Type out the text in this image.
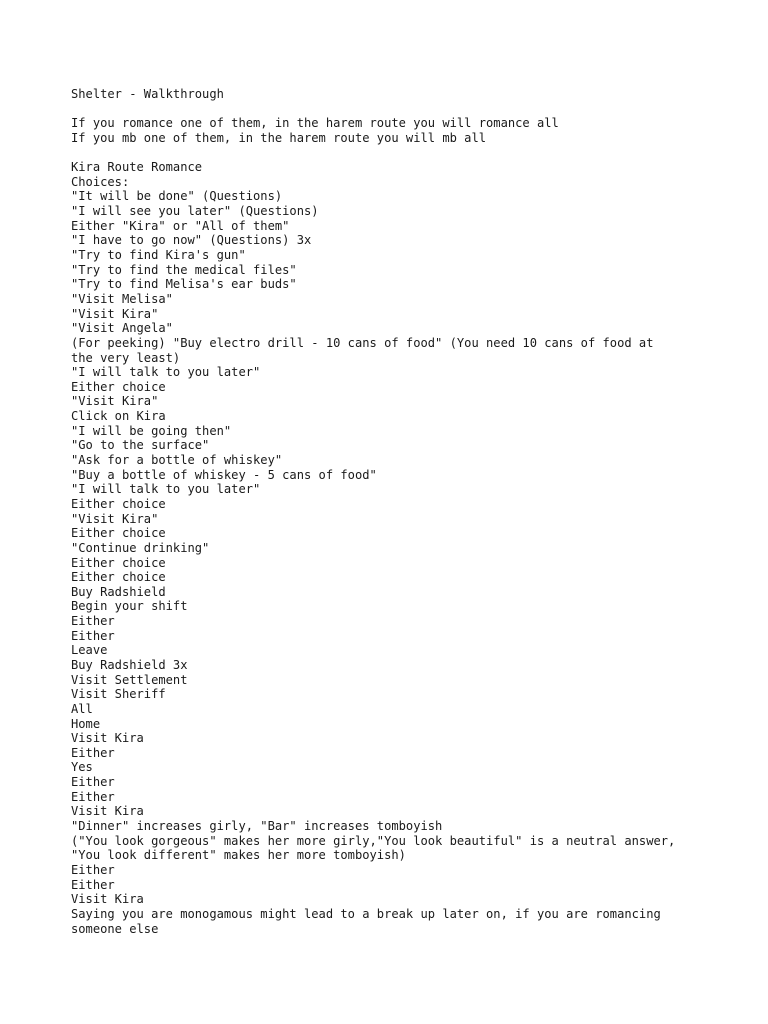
Shelter - Walkthrough
If you romance one of them, in the harem route you will romance all
If you mb one of them, in the harem route you will mb all
Kira Route Romance
Choices:
"It will be done" (Questions)
"I will see you later" (Questions)
Either "Kira" or "All of them"
"I have to go now" (Questions) 3x
"Try to find Kira's gun"
"Try to find the medical files"
"Try to find Melisa's ear buds"
"Visit Melisa"
"Visit Kira"
"Visit Angela"
(For peeking) "Buy electro drill - 10 cans of food" (You need 10 cans of food at
the very least)
"I will talk to you later"
Either choice
"Visit Kira"
Click on Kira
"I will be going then"
"Go to the surface"
"Ask for a bottle of whiskey"
"Buy a bottle of whiskey - 5 cans of food"
"I will talk to you later"
Either choice
"Visit Kira"
Either choice
"Continue drinking"
Either choice
Either choice
Buy Radshield
Begin your shift
Either
Either
Leave
Buy Radshield 3x
Visit Settlement
Visit Sheriff
All
Home
Visit Kira
Either
Yes
Either
Either
Visit Kira
"Dinner" increases girly, "Bar" increases tomboyish
("You look gorgeous" makes her more girly,"You look beautiful" is a neutral answer,
"You look different" makes her more tomboyish)
Either
Either
Visit Kira
Saying you are monogamous might lead to a break up later on, if you are romancing
someone else
